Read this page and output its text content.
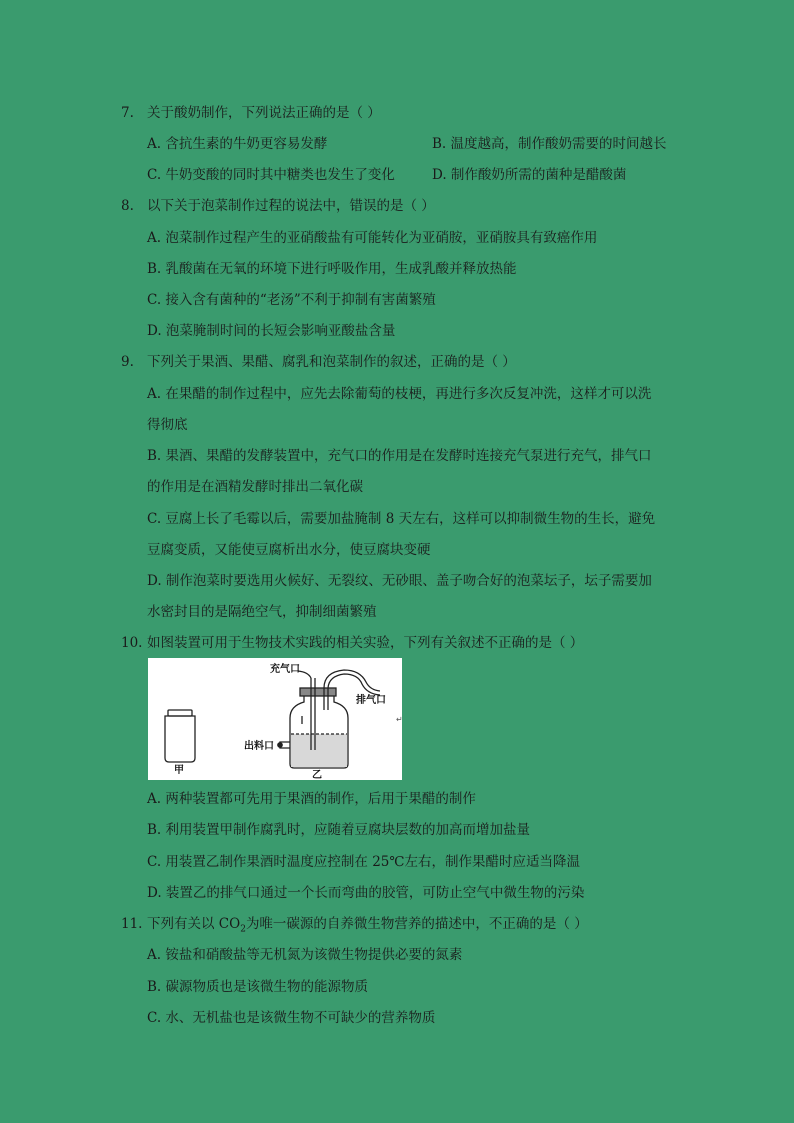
7. 关于酸奶制作，下列说法正确的是（ ）
A. 含抗生素的牛奶更容易发酵	B. 温度越高，制作酸奶需要的时间越长
C. 牛奶变酸的同时其中糖类也发生了变化	D. 制作酸奶所需的菌种是醋酸菌
8. 以下关于泡菜制作过程的说法中，错误的是（ ）
A. 泡菜制作过程产生的亚硝酸盐有可能转化为亚硝胺，亚硝胺具有致癌作用
B. 乳酸菌在无氧的环境下进行呼吸作用，生成乳酸并释放热能
C. 接入含有菌种的“老汤”不利于抑制有害菌繁殖
D. 泡菜腌制时间的长短会影响亚酸盐含量
9. 下列关于果酒、果醋、腐乳和泡菜制作的叙述，正确的是（ ）
A. 在果醋的制作过程中，应先去除葡萄的枝梗，再进行多次反复冲洗，这样才可以洗
得彻底
B. 果酒、果醋的发酵装置中，充气口的作用是在发酵时连接充气泵进行充气，排气口
的作用是在酒精发酵时排出二氧化碳
C. 豆腐上长了毛霉以后，需要加盐腌制 8 天左右，这样可以抑制微生物的生长，避免
豆腐变质，又能使豆腐析出水分，使豆腐块变硬
D. 制作泡菜时要选用火候好、无裂纹、无砂眼、盖子吻合好的泡菜坛子，坛子需要加
水密封目的是隔绝空气，抑制细菌繁殖
10. 如图装置可用于生物技术实践的相关实验，下列有关叙述不正确的是（ ）
甲
充气口
排气口
出料口
乙
↵
A. 两种装置都可先用于果酒的制作，后用于果醋的制作
B. 利用装置甲制作腐乳时，应随着豆腐块层数的加高而增加盐量
C. 用装置乙制作果酒时温度应控制在 25℃左右，制作果醋时应适当降温
D. 装置乙的排气口通过一个长而弯曲的胶管，可防止空气中微生物的污染
11. 下列有关以 $CO_2$为唯一碳源的自养微生物营养的描述中，不正确的是（ ）
A. 铵盐和硝酸盐等无机氮为该微生物提供必要的氮素
B. 碳源物质也是该微生物的能源物质
C. 水、无机盐也是该微生物不可缺少的营养物质
